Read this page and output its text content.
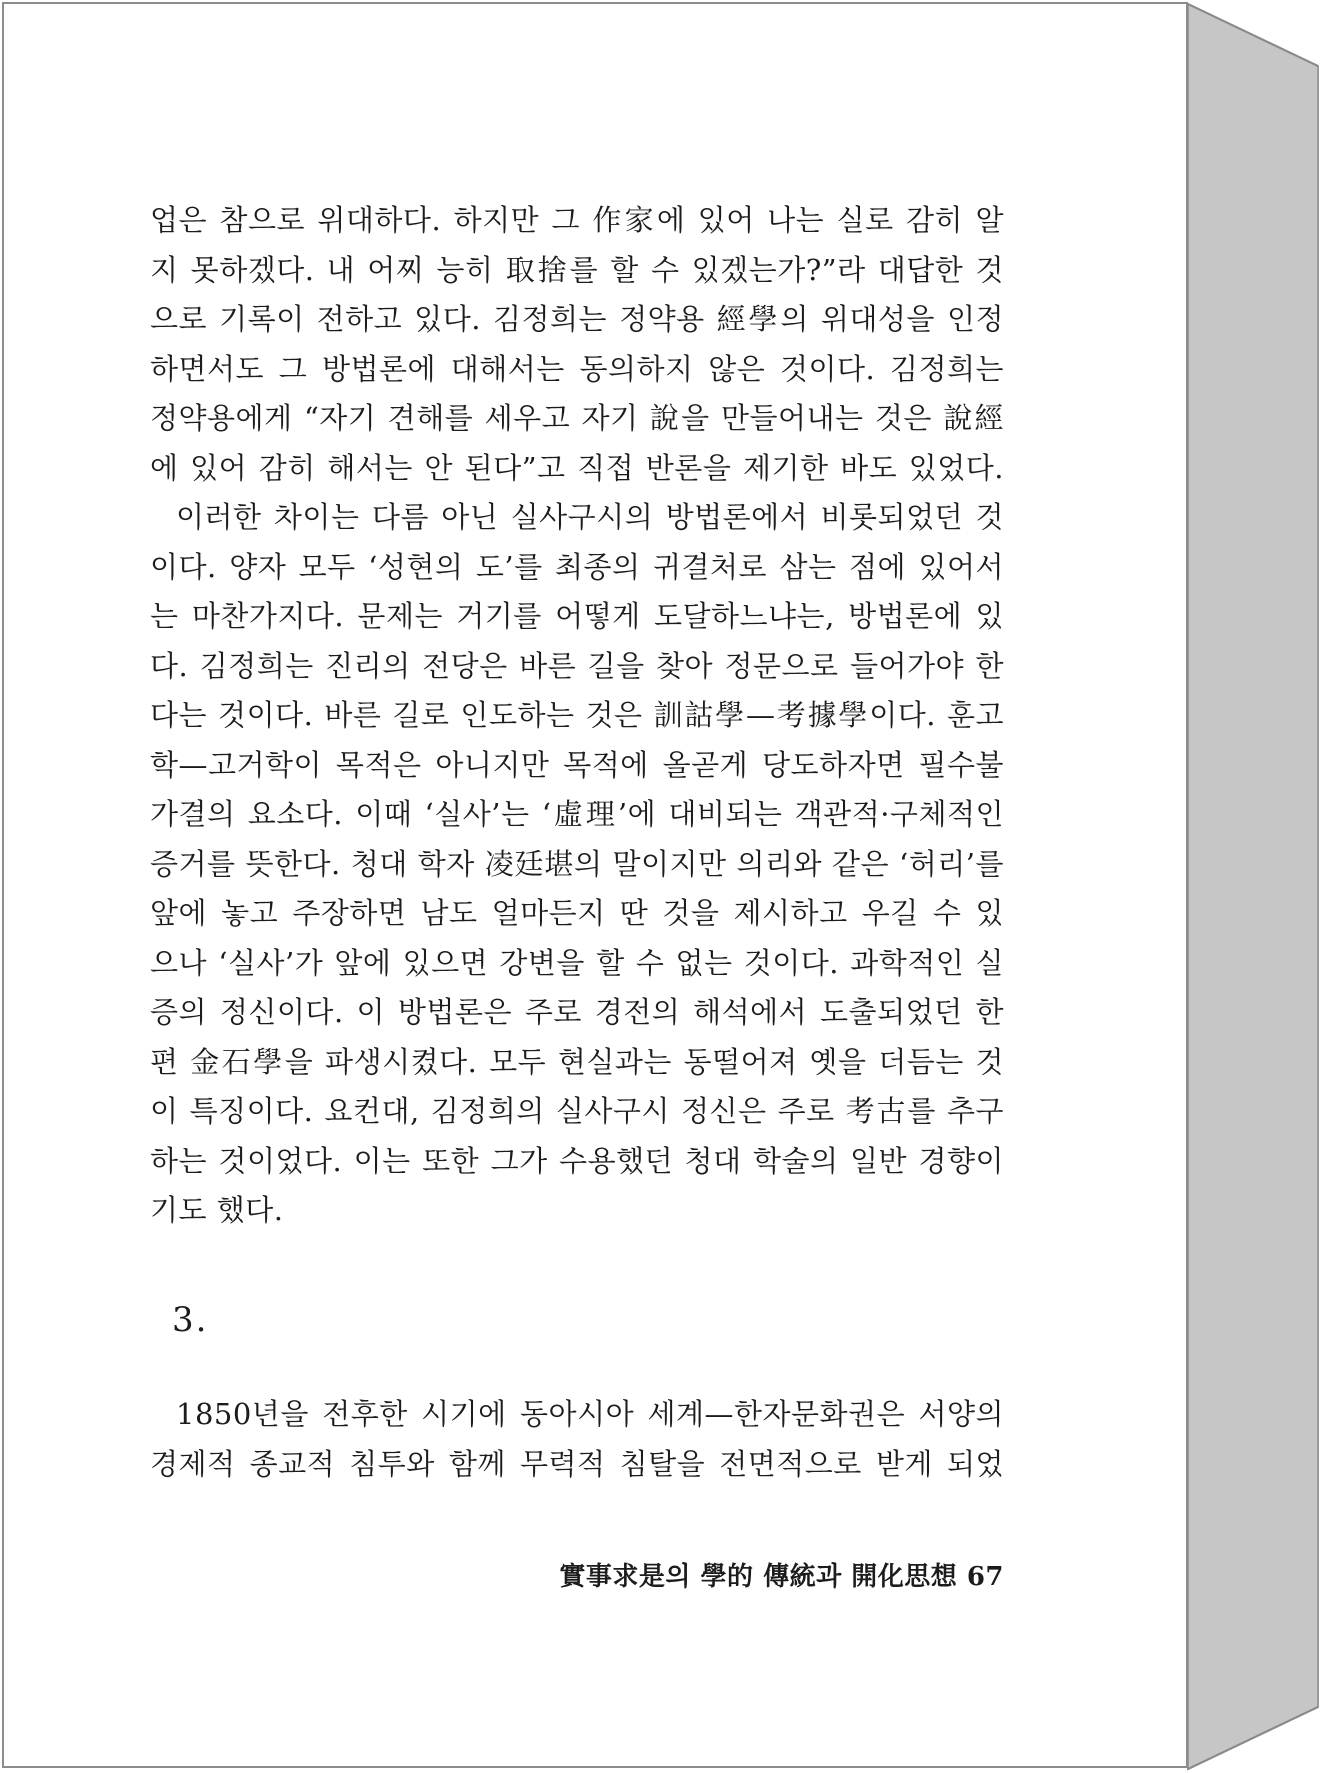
업은 참으로 위대하다. 하지만 그 作家에 있어 나는 실로 감히 알
지 못하겠다. 내 어찌 능히 取捨를 할 수 있겠는가?”라 대답한 것
으로 기록이 전하고 있다. 김정희는 정약용 經學의 위대성을 인정
하면서도 그 방법론에 대해서는 동의하지 않은 것이다. 김정희는
정약용에게 “자기 견해를 세우고 자기 說을 만들어내는 것은 說經
에 있어 감히 해서는 안 된다”고 직접 반론을 제기한 바도 있었다.
이러한 차이는 다름 아닌 실사구시의 방법론에서 비롯되었던 것
이다. 양자 모두 ‘성현의 도’를 최종의 귀결처로 삼는 점에 있어서
는 마찬가지다. 문제는 거기를 어떻게 도달하느냐는, 방법론에 있
다. 김정희는 진리의 전당은 바른 길을 찾아 정문으로 들어가야 한
다는 것이다. 바른 길로 인도하는 것은 訓詁學—考據學이다. 훈고
학—고거학이 목적은 아니지만 목적에 올곧게 당도하자면 필수불
가결의 요소다. 이때 ‘실사’는 ‘虛理’에 대비되는 객관적·구체적인
증거를 뜻한다. 청대 학자 凌廷堪의 말이지만 의리와 같은 ‘허리’를
앞에 놓고 주장하면 남도 얼마든지 딴 것을 제시하고 우길 수 있
으나 ‘실사’가 앞에 있으면 강변을 할 수 없는 것이다. 과학적인 실
증의 정신이다. 이 방법론은 주로 경전의 해석에서 도출되었던 한
편 金石學을 파생시켰다. 모두 현실과는 동떨어져 옛을 더듬는 것
이 특징이다. 요컨대, 김정희의 실사구시 정신은 주로 考古를 추구
하는 것이었다. 이는 또한 그가 수용했던 청대 학술의 일반 경향이
기도 했다.
3.
1850년을 전후한 시기에 동아시아 세계—한자문화권은 서양의
경제적 종교적 침투와 함께 무력적 침탈을 전면적으로 받게 되었
實事求是의 學的 傳統과 開化思想 67
